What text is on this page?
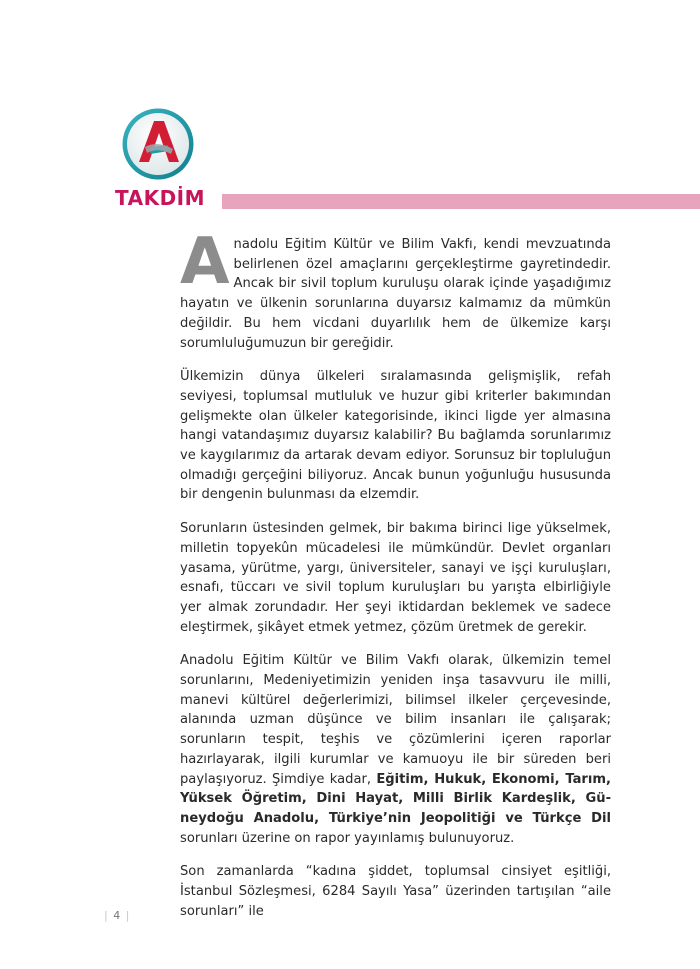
TAKDİM

Anadolu Eğitim Kültür ve Bilim Vakfı, kendi mevzuatında belirlenen özel amaçlarını gerçekleştirme gayretindedir. Ancak bir sivil toplum kuruluşu olarak içinde yaşadığımız hayatın ve ülkenin sorunlarına duyarsız kalmamız da mümkün değildir. Bu hem vicdani duyarlılık hem de ülkemize karşı sorumluluğumuzun bir gereğidir.

Ülkemizin dünya ülkeleri sıralamasında gelişmişlik, refah seviyesi, toplumsal mutluluk ve huzur gibi kriterler bakımından gelişmekte olan ülkeler kategorisinde, ikinci ligde yer almasına hangi vatandaşımız duyarsız kalabilir? Bu bağlamda sorunlarımız ve kaygılarımız da artarak devam ediyor. Sorunsuz bir topluluğun olmadığı gerçeğini biliyoruz. Ancak bunun yoğunluğu hususunda bir dengenin bulunması da elzemdir.

Sorunların üstesinden gelmek, bir bakıma birinci lige yükselmek, milletin topyekûn mücadelesi ile mümkündür. Devlet organları yasama, yürütme, yargı, üniversiteler, sanayi ve işçi kuruluşları, esnafı, tüccarı ve sivil toplum kuruluşları bu yarışta elbirliğiyle yer almak zorundadır. Her şeyi iktidardan beklemek ve sadece eleştirmek, şikâyet etmek yetmez, çözüm üretmek de gerekir.

Anadolu Eğitim Kültür ve Bilim Vakfı olarak, ülkemizin temel sorunlarını, Medeniyetimizin yeniden inşa tasavvuru ile milli, manevi kültürel değerlerimizi, bilimsel ilkeler çerçevesinde, alanında uzman düşünce ve bilim insanları ile çalışarak; sorunların tespit, teşhis ve çözümlerini içeren raporlar hazırlayarak, ilgili kurumlar ve kamuoyu ile bir süreden beri paylaşıyoruz. Şimdiye kadar, Eğitim, Hukuk, Ekonomi, Tarım, Yüksek Öğretim, Dini Hayat, Milli Birlik Kardeşlik, Güneydoğu Anadolu, Türkiye’nin Jeopolitiği ve Türkçe Dil sorunları üzerine on rapor yayınlamış bulunuyoruz.

Son zamanlarda “kadına şiddet, toplumsal cinsiyet eşitliği, İstanbul Sözleşmesi, 6284 Sayılı Yasa” üzerinden tartışılan “aile sorunları” ile

| 4 |
